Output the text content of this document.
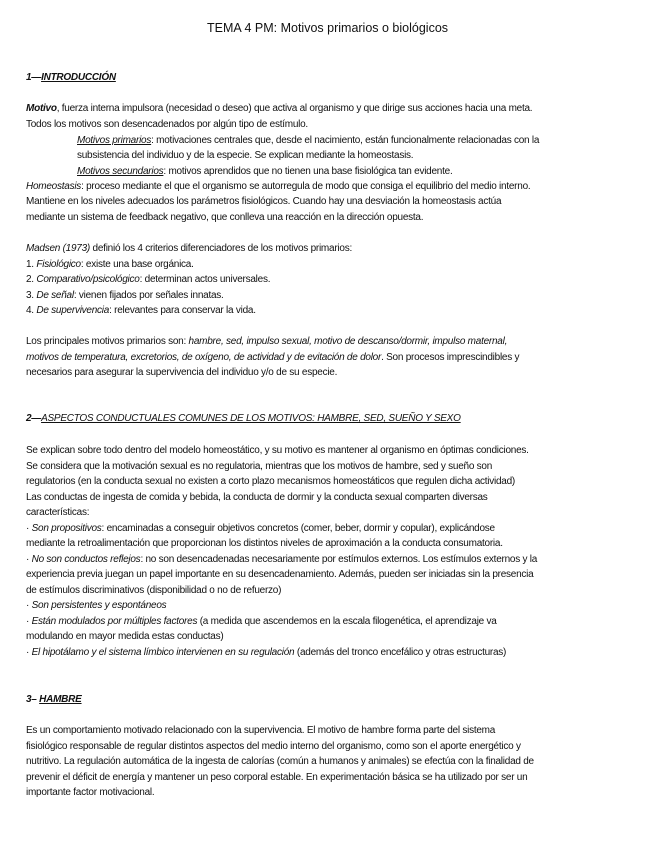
TEMA 4 PM: Motivos primarios o biológicos
1—INTRODUCCIÓN
Motivo, fuerza interna impulsora (necesidad o deseo) que activa al organismo y que dirige sus acciones hacia una meta.
Todos los motivos son desencadenados por algún tipo de estímulo.
Motivos primarios: motivaciones centrales que, desde el nacimiento, están funcionalmente relacionadas con la
subsistencia del individuo y de la especie. Se explican mediante la homeostasis.
Motivos secundarios: motivos aprendidos que no tienen una base fisiológica tan evidente.
Homeostasis: proceso mediante el que el organismo se autorregula de modo que consiga el equilibrio del medio interno.
Mantiene en los niveles adecuados los parámetros fisiológicos. Cuando hay una desviación la homeostasis actúa
mediante un sistema de feedback negativo, que conlleva una reacción en la dirección opuesta.
Madsen (1973) definió los 4 criterios diferenciadores de los motivos primarios:
1. Fisiológico: existe una base orgánica.
2. Comparativo/psicológico: determinan actos universales.
3. De señal: vienen fijados por señales innatas.
4. De supervivencia: relevantes para conservar la vida.
Los principales motivos primarios son: hambre, sed, impulso sexual, motivo de descanso/dormir, impulso maternal,
motivos de temperatura, excretorios, de oxígeno, de actividad y de evitación de dolor. Son procesos imprescindibles y
necesarios para asegurar la supervivencia del individuo y/o de su especie.
2—ASPECTOS CONDUCTUALES COMUNES DE LOS MOTIVOS: HAMBRE, SED, SUEÑO Y SEXO
Se explican sobre todo dentro del modelo homeostático, y su motivo es mantener al organismo en óptimas condiciones.
Se considera que la motivación sexual es no regulatoria, mientras que los motivos de hambre, sed y sueño son
regulatorios (en la conducta sexual no existen a corto plazo mecanismos homeostáticos que regulen dicha actividad)
Las conductas de ingesta de comida y bebida, la conducta de dormir y la conducta sexual comparten diversas
características:
· Son propositivos: encaminadas a conseguir objetivos concretos (comer, beber, dormir y copular), explicándose
mediante la retroalimentación que proporcionan los distintos niveles de aproximación a la conducta consumatoria.
· No son conductos reflejos: no son desencadenadas necesariamente por estímulos externos. Los estímulos externos y la
experiencia previa juegan un papel importante en su desencadenamiento. Además, pueden ser iniciadas sin la presencia
de estímulos discriminativos (disponibilidad o no de refuerzo)
· Son persistentes y espontáneos
· Están modulados por múltiples factores (a medida que ascendemos en la escala filogenética, el aprendizaje va
modulando en mayor medida estas conductas)
· El hipotálamo y el sistema límbico intervienen en su regulación (además del tronco encefálico y otras estructuras)
3– HAMBRE
Es un comportamiento motivado relacionado con la supervivencia. El motivo de hambre forma parte del sistema
fisiológico responsable de regular distintos aspectos del medio interno del organismo, como son el aporte energético y
nutritivo. La regulación automática de la ingesta de calorías (común a humanos y animales) se efectúa con la finalidad de
prevenir el déficit de energía y mantener un peso corporal estable. En experimentación básica se ha utilizado por ser un
importante factor motivacional.
